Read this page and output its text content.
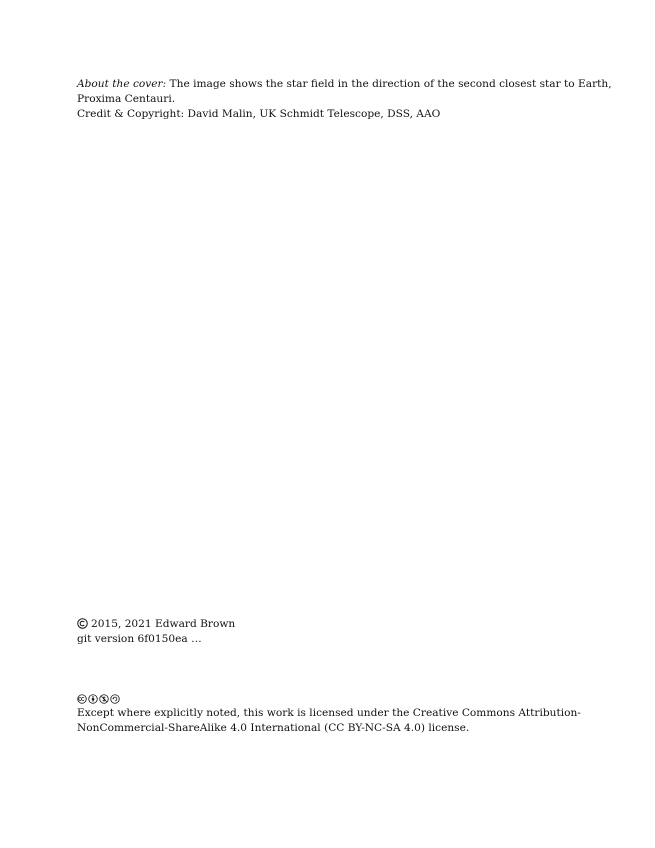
About the cover: The image shows the star field in the direction of the second closest star to Earth, Proxima Centauri.
Credit & Copyright: David Malin, UK Schmidt Telescope, DSS, AAO
2015, 2021 Edward Brown
git version 6f0150ea …
Except where explicitly noted, this work is licensed under the Creative Commons Attribution-NonCommercial-ShareAlike 4.0 International (CC BY-NC-SA 4.0) license.
